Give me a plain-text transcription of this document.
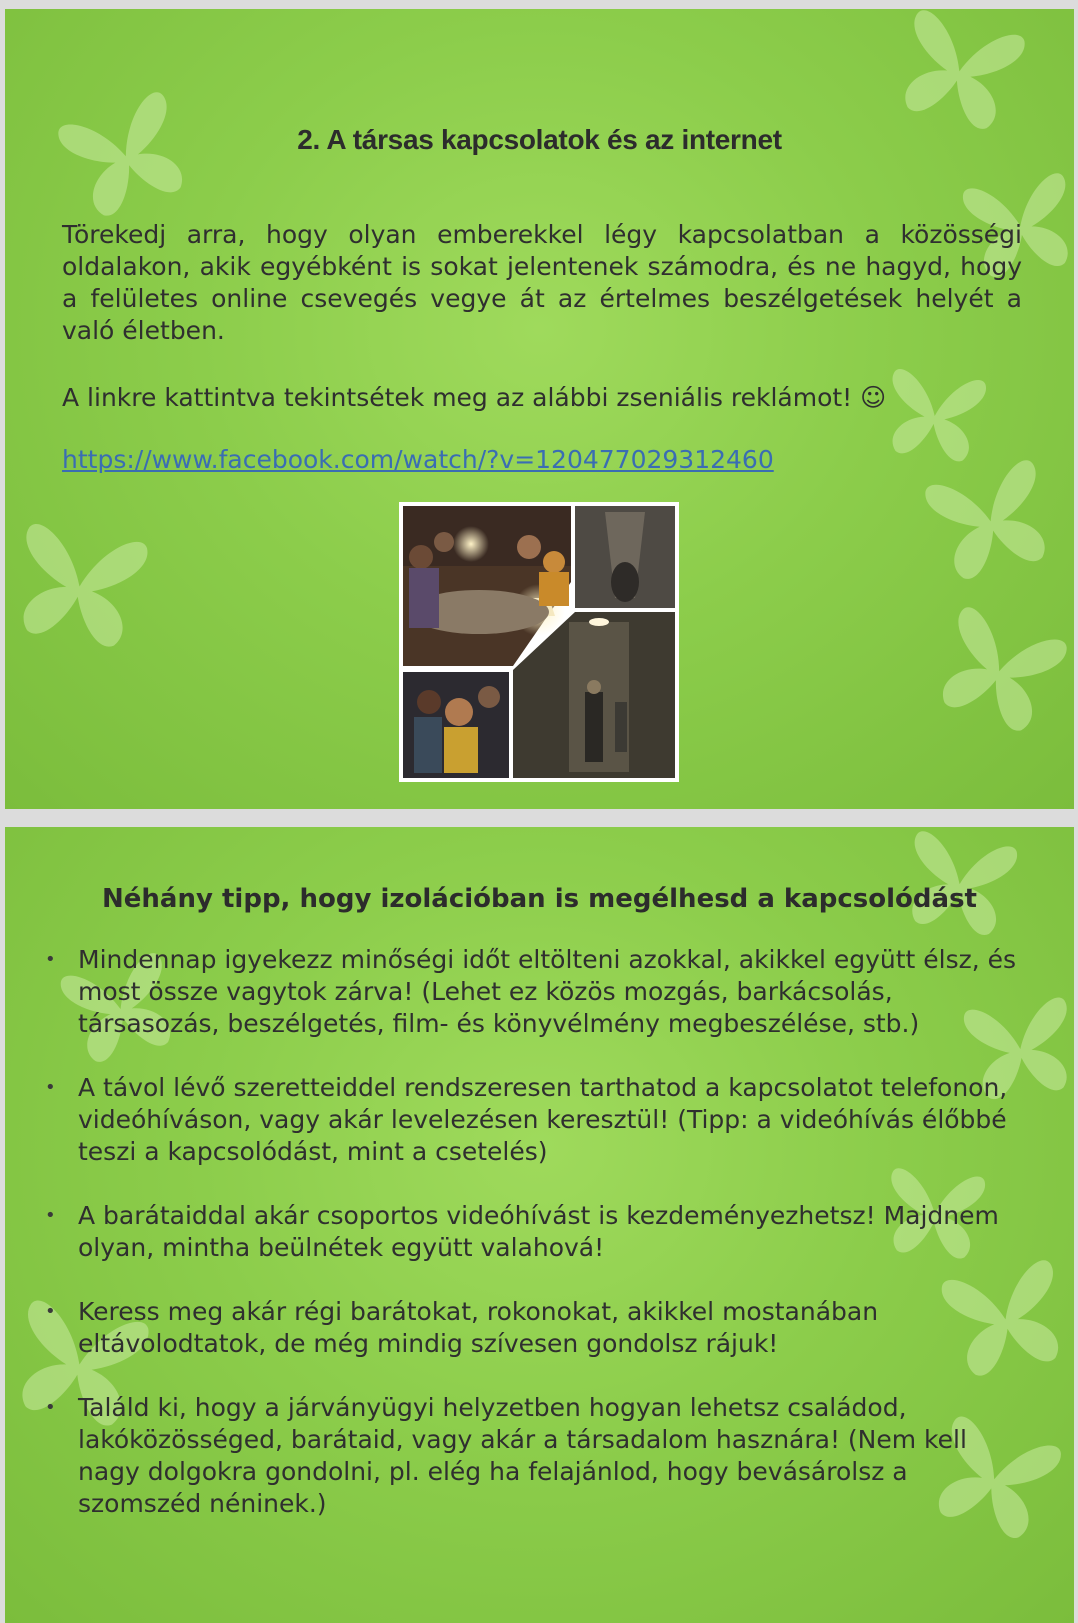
2. A társas kapcsolatok és az internet
Törekedj arra, hogy olyan emberekkel légy kapcsolatban a közösségi oldalakon, akik egyébként is sokat jelentenek számodra, és ne hagyd, hogy a felületes online csevegés vegye át az értelmes beszélgetések helyét a való életben.
A linkre kattintva tekintsétek meg az alábbi zseniális reklámot! ☺
https://www.facebook.com/watch/?v=120477029312460
Néhány tipp, hogy izolációban is megélhesd a kapcsolódást
• Mindennap igyekezz minőségi időt eltölteni azokkal, akikkel együtt élsz, és most össze vagytok zárva! (Lehet ez közös mozgás, barkácsolás, társasozás, beszélgetés, film- és könyvélmény megbeszélése, stb.)
• A távol lévő szeretteiddel rendszeresen tarthatod a kapcsolatot telefonon, videóhíváson, vagy akár levelezésen keresztül! (Tipp: a videóhívás élőbbé teszi a kapcsolódást, mint a csetelés)
• A barátaiddal akár csoportos videóhívást is kezdeményezhetsz! Majdnem olyan, mintha beülnétek együtt valahová!
• Keress meg akár régi barátokat, rokonokat, akikkel mostanában eltávolodtatok, de még mindig szívesen gondolsz rájuk!
• Találd ki, hogy a járványügyi helyzetben hogyan lehetsz családod, lakóközösséged, barátaid, vagy akár a társadalom hasznára! (Nem kell nagy dolgokra gondolni, pl. elég ha felajánlod, hogy bevásárolsz a szomszéd néninek.)
